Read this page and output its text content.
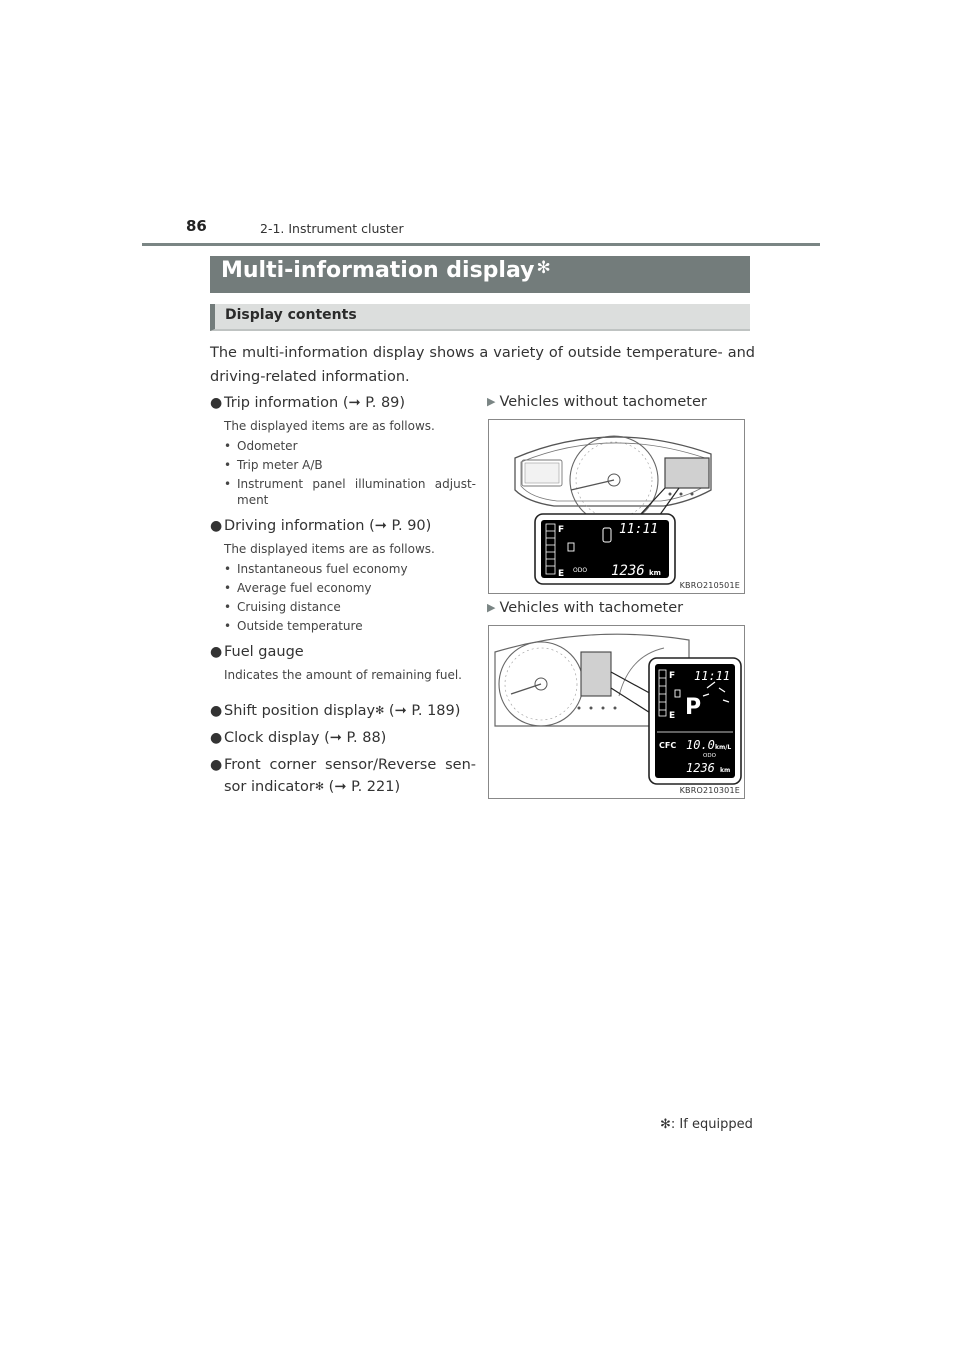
86	2-1. Instrument cluster
Multi-information display ✻
Display contents
The multi-information display shows a variety of outside temperature- and driving-related information.
● Trip information (➞ P. 89)
The displayed items are as follows.
• Odometer
• Trip meter A/B
• Instrument panel illumination adjust-ment
● Driving information (➞ P. 90)
The displayed items are as follows.
• Instantaneous fuel economy
• Average fuel economy
• Cruising distance
• Outside temperature
● Fuel gauge
Indicates the amount of remaining fuel.
● Shift position display✻ (➞ P. 189)
● Clock display (➞ P. 88)
● Front corner sensor/Reverse sen-
sor indicator✻ (➞ P. 221)
▶ Vehicles without tachometer
F
E
11:11
ODO 1236 km
KBRO210501E
▶ Vehicles with tachometer
F
E
11:11
P
CFC 10.0 km/L
ODO
1236 km
KBRO210301E
✻: If equipped
